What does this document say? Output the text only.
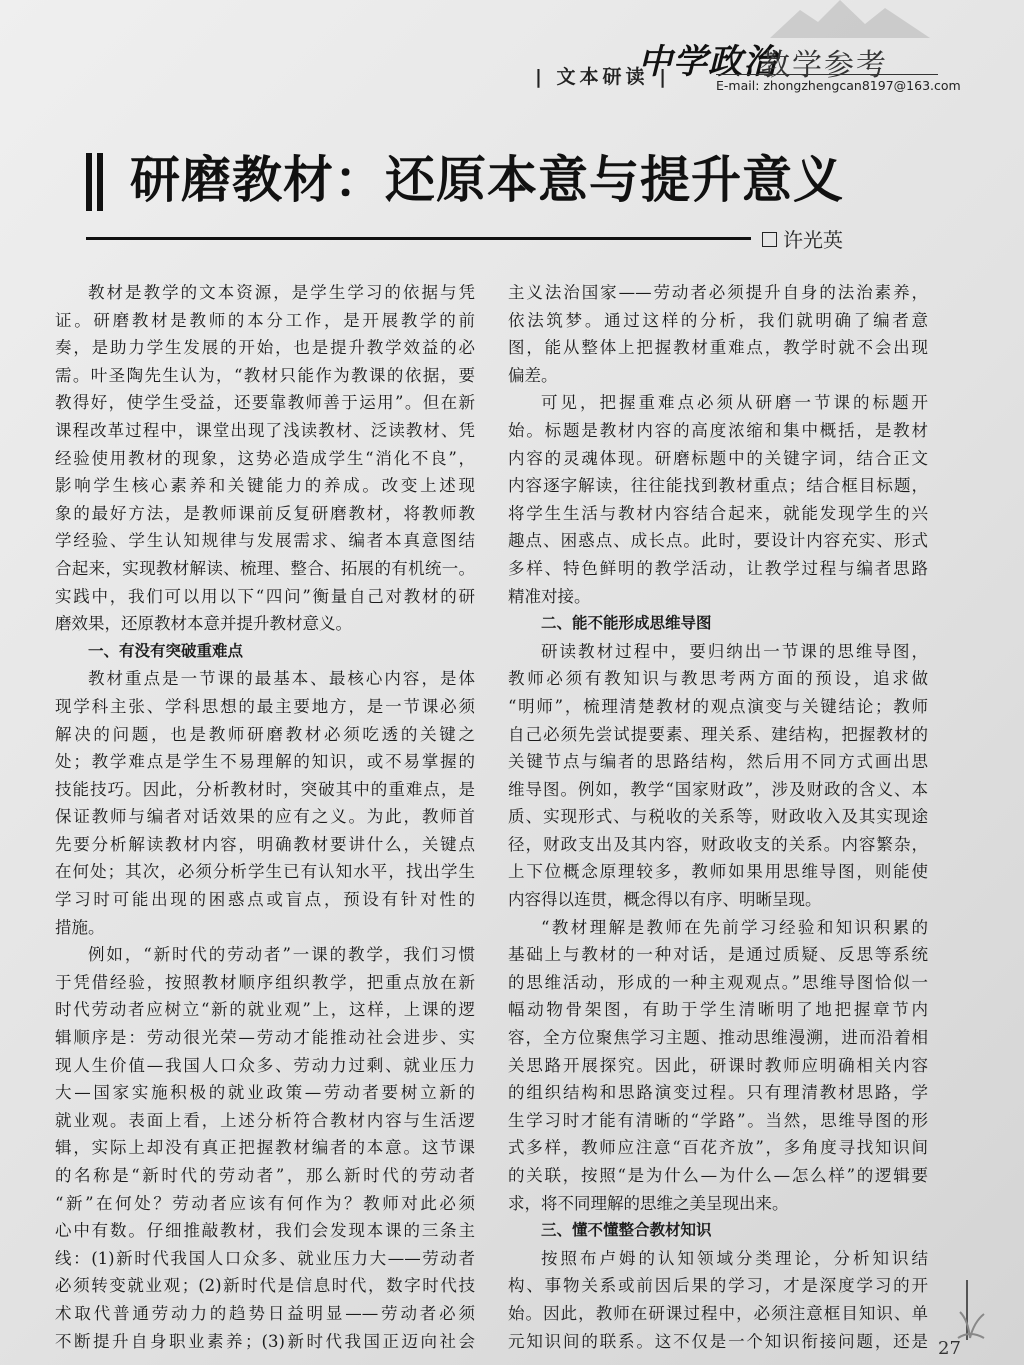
| 文本研读 |
中学政治
教学参考
E-mail: zhongzhengcan8197@163.com
研磨教材：还原本意与提升意义
许光英
教材是教学的文本资源，是学生学习的依据与凭
证。研磨教材是教师的本分工作，是开展教学的前
奏，是助力学生发展的开始，也是提升教学效益的必
需。叶圣陶先生认为，“教材只能作为教课的依据，要
教得好，使学生受益，还要靠教师善于运用”。但在新
课程改革过程中，课堂出现了浅读教材、泛读教材、凭
经验使用教材的现象，这势必造成学生“消化不良”，
影响学生核心素养和关键能力的养成。改变上述现
象的最好方法，是教师课前反复研磨教材，将教师教
学经验、学生认知规律与发展需求、编者本真意图结
合起来，实现教材解读、梳理、整合、拓展的有机统一。
实践中，我们可以用以下“四问”衡量自己对教材的研
磨效果，还原教材本意并提升教材意义。
一、有没有突破重难点
教材重点是一节课的最基本、最核心内容，是体
现学科主张、学科思想的最主要地方，是一节课必须
解决的问题，也是教师研磨教材必须吃透的关键之
处；教学难点是学生不易理解的知识，或不易掌握的
技能技巧。因此，分析教材时，突破其中的重难点，是
保证教师与编者对话效果的应有之义。为此，教师首
先要分析解读教材内容，明确教材要讲什么，关键点
在何处；其次，必须分析学生已有认知水平，找出学生
学习时可能出现的困惑点或盲点，预设有针对性的
措施。
例如，“新时代的劳动者”一课的教学，我们习惯
于凭借经验，按照教材顺序组织教学，把重点放在新
时代劳动者应树立“新的就业观”上，这样，上课的逻
辑顺序是：劳动很光荣—劳动才能推动社会进步、实
现人生价值—我国人口众多、劳动力过剩、就业压力
大—国家实施积极的就业政策—劳动者要树立新的
就业观。表面上看，上述分析符合教材内容与生活逻
辑，实际上却没有真正把握教材编者的本意。这节课
的名称是“新时代的劳动者”，那么新时代的劳动者
“新”在何处？劳动者应该有何作为？教师对此必须
心中有数。仔细推敲教材，我们会发现本课的三条主
线：(1)新时代我国人口众多、就业压力大——劳动者
必须转变就业观；(2)新时代是信息时代，数字时代技
术取代普通劳动力的趋势日益明显——劳动者必须
不断提升自身职业素养；(3)新时代我国正迈向社会
主义法治国家——劳动者必须提升自身的法治素养，
依法筑梦。通过这样的分析，我们就明确了编者意
图，能从整体上把握教材重难点，教学时就不会出现
偏差。
可见，把握重难点必须从研磨一节课的标题开
始。标题是教材内容的高度浓缩和集中概括，是教材
内容的灵魂体现。研磨标题中的关键字词，结合正文
内容逐字解读，往往能找到教材重点；结合框目标题，
将学生生活与教材内容结合起来，就能发现学生的兴
趣点、困惑点、成长点。此时，要设计内容充实、形式
多样、特色鲜明的教学活动，让教学过程与编者思路
精准对接。
二、能不能形成思维导图
研读教材过程中，要归纳出一节课的思维导图，
教师必须有教知识与教思考两方面的预设，追求做
“明师”，梳理清楚教材的观点演变与关键结论；教师
自己必须先尝试提要素、理关系、建结构，把握教材的
关键节点与编者的思路结构，然后用不同方式画出思
维导图。例如，教学“国家财政”，涉及财政的含义、本
质、实现形式、与税收的关系等，财政收入及其实现途
径，财政支出及其内容，财政收支的关系。内容繁杂，
上下位概念原理较多，教师如果用思维导图，则能使
内容得以连贯，概念得以有序、明晰呈现。
“教材理解是教师在先前学习经验和知识积累的
基础上与教材的一种对话，是通过质疑、反思等系统
的思维活动，形成的一种主观观点。”思维导图恰似一
幅动物骨架图，有助于学生清晰明了地把握章节内
容，全方位聚焦学习主题、推动思维漫溯，进而沿着相
关思路开展探究。因此，研课时教师应明确相关内容
的组织结构和思路演变过程。只有理清教材思路，学
生学习时才能有清晰的“学路”。当然，思维导图的形
式多样，教师应注意“百花齐放”，多角度寻找知识间
的关联，按照“是为什么—为什么—怎么样”的逻辑要
求，将不同理解的思维之美呈现出来。
三、懂不懂整合教材知识
按照布卢姆的认知领域分类理论，分析知识结
构、事物关系或前因后果的学习，才是深度学习的开
始。因此，教师在研课过程中，必须注意框目知识、单
元知识间的联系。这不仅是一个知识衔接问题，还是 27
